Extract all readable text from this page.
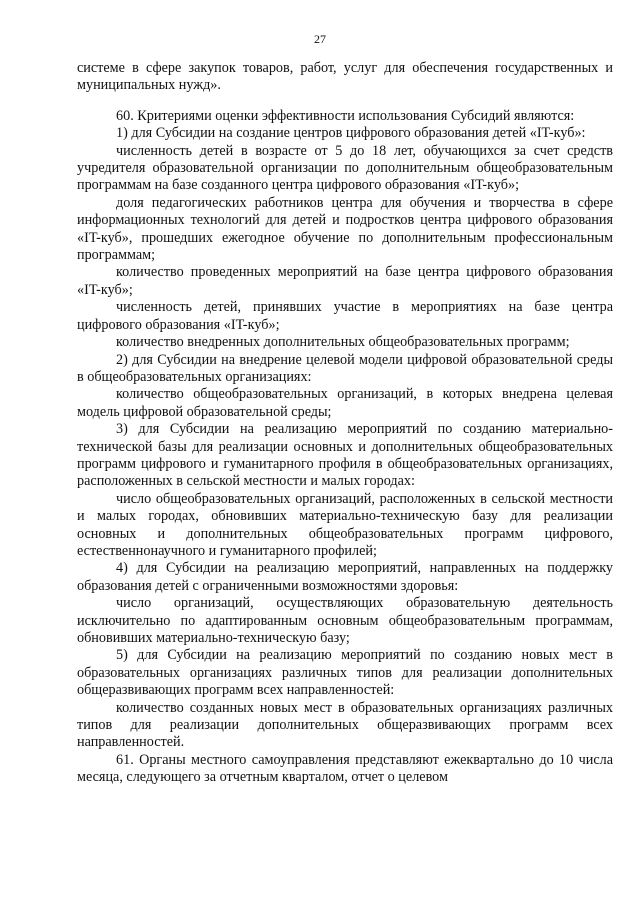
27

системе в сфере закупок товаров, работ, услуг для обеспечения государственных и муниципальных нужд».

60. Критериями оценки эффективности использования Субсидий являются:

1) для Субсидии на создание центров цифрового образования детей «IT-куб»:

численность детей в возрасте от 5 до 18 лет, обучающихся за счет средств учредителя образовательной организации по дополнительным общеобразовательным программам на базе созданного центра цифрового образования «IT-куб»;

доля педагогических работников центра для обучения и творчества в сфере информационных технологий для детей и подростков центра цифрового образования «IT-куб», прошедших ежегодное обучение по дополнительным профессиональным программам;

количество проведенных мероприятий на базе центра цифрового образования «IT-куб»;

численность детей, принявших участие в мероприятиях на базе центра цифрового образования «IT-куб»;

количество внедренных дополнительных общеобразовательных программ;

2) для Субсидии на внедрение целевой модели цифровой образовательной среды в общеобразовательных организациях:

количество общеобразовательных организаций, в которых внедрена целевая модель цифровой образовательной среды;

3) для Субсидии на реализацию мероприятий по созданию материально-технической базы для реализации основных и дополнительных общеобразовательных программ цифрового и гуманитарного профиля в общеобразовательных организациях, расположенных в сельской местности и малых городах:

число общеобразовательных организаций, расположенных в сельской местности и малых городах, обновивших материально-техническую базу для реализации основных и дополнительных общеобразовательных программ цифрового, естественнонаучного и гуманитарного профилей;

4) для Субсидии на реализацию мероприятий, направленных на поддержку образования детей с ограниченными возможностями здоровья:

число организаций, осуществляющих образовательную деятельность исключительно по адаптированным основным общеобразовательным программам, обновивших материально-техническую базу;

5) для Субсидии на реализацию мероприятий по созданию новых мест в образовательных организациях различных типов для реализации дополнительных общеразвивающих программ всех направленностей:

количество созданных новых мест в образовательных организациях различных типов для реализации дополнительных общеразвивающих программ всех направленностей.

61. Органы местного самоуправления представляют ежеквартально до 10 числа месяца, следующего за отчетным кварталом, отчет о целевом
